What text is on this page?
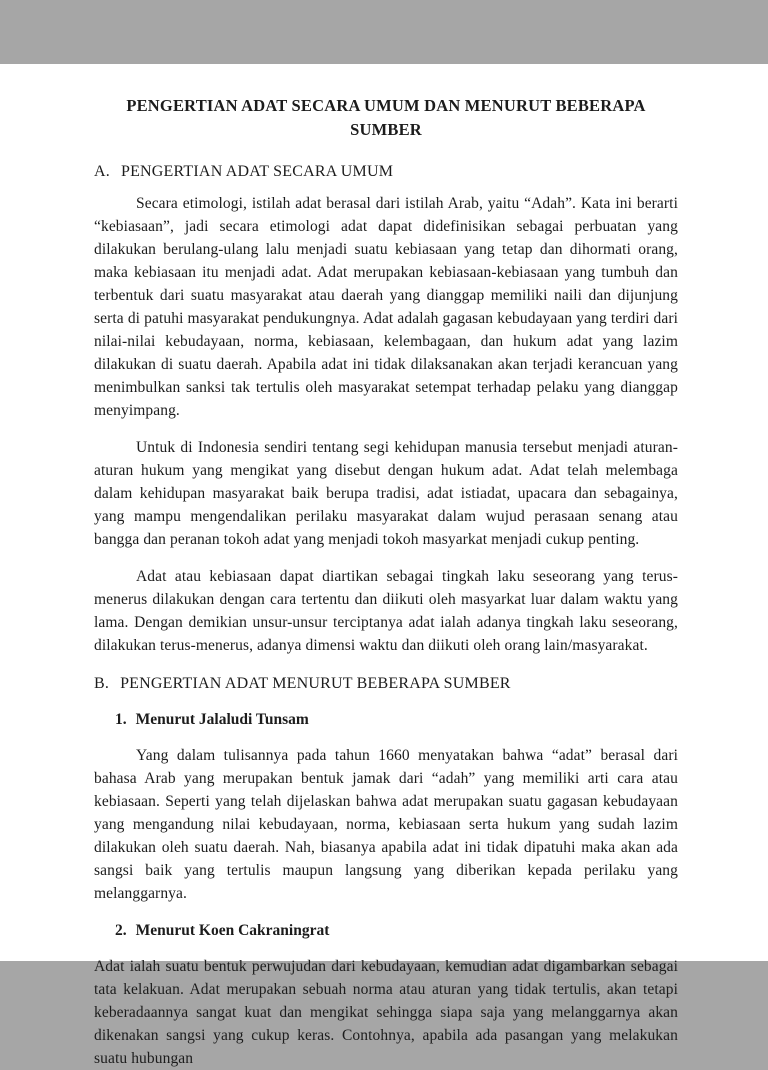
PENGERTIAN ADAT SECARA UMUM DAN MENURUT BEBERAPA SUMBER
A. PENGERTIAN ADAT SECARA UMUM

Secara etimologi, istilah adat berasal dari istilah Arab, yaitu “Adah”. Kata ini berarti “kebiasaan”, jadi secara etimologi adat dapat didefinisikan sebagai perbuatan yang dilakukan berulang-ulang lalu menjadi suatu kebiasaan yang tetap dan dihormati orang, maka kebiasaan itu menjadi adat. Adat merupakan kebiasaan-kebiasaan yang tumbuh dan terbentuk dari suatu masyarakat atau daerah yang dianggap memiliki naili dan dijunjung serta di patuhi masyarakat pendukungnya. Adat adalah gagasan kebudayaan yang terdiri dari nilai-nilai kebudayaan, norma, kebiasaan, kelembagaan, dan hukum adat yang lazim dilakukan di suatu daerah. Apabila adat ini tidak dilaksanakan akan terjadi kerancuan yang menimbulkan sanksi tak tertulis oleh masyarakat setempat terhadap pelaku yang dianggap menyimpang.

Untuk di Indonesia sendiri tentang segi kehidupan manusia tersebut menjadi aturan-aturan hukum yang mengikat yang disebut dengan hukum adat. Adat telah melembaga dalam kehidupan masyarakat baik berupa tradisi, adat istiadat, upacara dan sebagainya, yang mampu mengendalikan perilaku masyarakat dalam wujud perasaan senang atau bangga dan peranan tokoh adat yang menjadi tokoh masyarkat menjadi cukup penting.

Adat atau kebiasaan dapat diartikan sebagai tingkah laku seseorang yang terus-menerus dilakukan dengan cara tertentu dan diikuti oleh masyarkat luar dalam waktu yang lama. Dengan demikian unsur-unsur terciptanya adat ialah adanya tingkah laku seseorang, dilakukan terus-menerus, adanya dimensi waktu dan diikuti oleh orang lain/masyarakat.

B. PENGERTIAN ADAT MENURUT BEBERAPA SUMBER
1. Menurut Jalaludi Tunsam

Yang dalam tulisannya pada tahun 1660 menyatakan bahwa “adat” berasal dari bahasa Arab yang merupakan bentuk jamak dari “adah” yang memiliki arti cara atau kebiasaan. Seperti yang telah dijelaskan bahwa adat merupakan suatu gagasan kebudayaan yang mengandung nilai kebudayaan, norma, kebiasaan serta hukum yang sudah lazim dilakukan oleh suatu daerah. Nah, biasanya apabila adat ini tidak dipatuhi maka akan ada sangsi baik yang tertulis maupun langsung yang diberikan kepada perilaku yang melanggarnya.

2. Menurut Koen Cakraningrat

Adat ialah suatu bentuk perwujudan dari kebudayaan, kemudian adat digambarkan sebagai tata kelakuan. Adat merupakan sebuah norma atau aturan yang tidak tertulis, akan tetapi keberadaannya sangat kuat dan mengikat sehingga siapa saja yang melanggarnya akan dikenakan sangsi yang cukup keras. Contohnya, apabila ada pasangan yang melakukan suatu hubungan
